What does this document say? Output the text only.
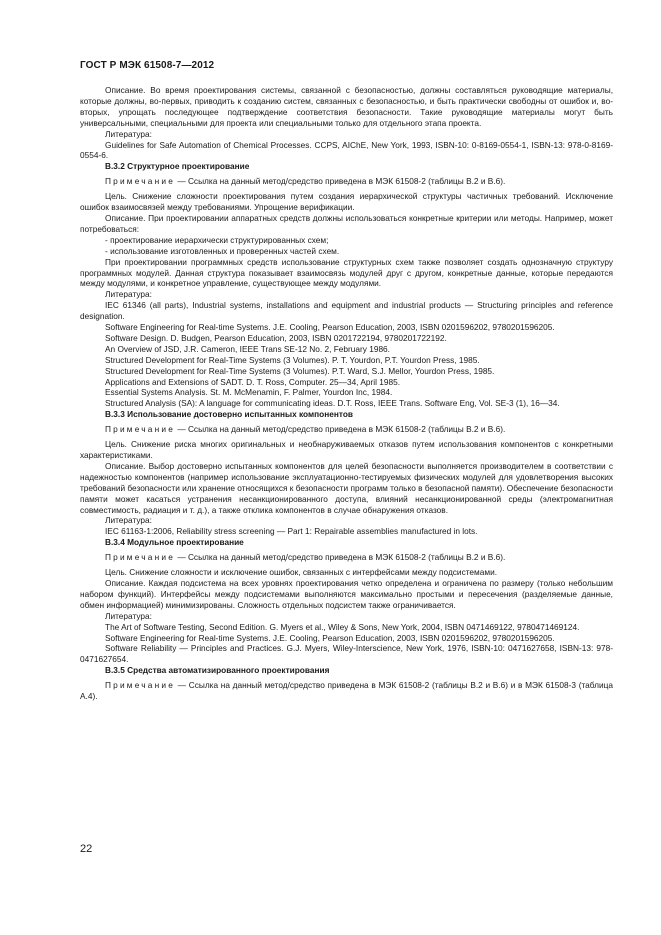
ГОСТ Р МЭК 61508-7—2012

Описание. Во время проектирования системы, связанной с безопасностью, должны составляться руководящие материалы, которые должны, во-первых, приводить к созданию систем, связанных с безопасностью, и быть практически свободны от ошибок и, во-вторых, упрощать последующее подтверждение соответствия безопасности. Такие руководящие материалы могут быть универсальными, специальными для проекта или специальными только для отдельного этапа проекта.

Литература:

Guidelines for Safe Automation of Chemical Processes. CCPS, AIChE, New York, 1993, ISBN-10: 0-8169-0554-1, ISBN-13: 978-0-8169-0554-6.

В.3.2 Структурное проектирование

Примечание — Ссылка на данный метод/средство приведена в МЭК 61508-2 (таблицы В.2 и В.6).

Цель. Снижение сложности проектирования путем создания иерархической структуры частичных требований. Исключение ошибок взаимосвязей между требованиями. Упрощение верификации.

Описание. При проектировании аппаратных средств должны использоваться конкретные критерии или методы. Например, может потребоваться:

- проектирование иерархически структурированных схем;

- использование изготовленных и проверенных частей схем.

При проектировании программных средств использование структурных схем также позволяет создать однозначную структуру программных модулей. Данная структура показывает взаимосвязь модулей друг с другом, конкретные данные, которые передаются между модулями, и конкретное управление, существующее между модулями.

Литература:

IEC 61346 (all parts), Industrial systems, installations and equipment and industrial products — Structuring principles and reference designation.

Software Engineering for Real-time Systems. J.E. Cooling, Pearson Education, 2003, ISBN 0201596202, 9780201596205.

Software Design. D. Budgen, Pearson Education, 2003, ISBN 0201722194, 9780201722192.

An Overview of JSD, J.R. Cameron, IEEE Trans SE-12 No. 2, February 1986.

Structured Development for Real-Time Systems (3 Volumes). P. T. Yourdon, P.T. Yourdon Press, 1985.

Structured Development for Real-Time Systems (3 Volumes). P.T. Ward, S.J. Mellor, Yourdon Press, 1985.

Applications and Extensions of SADT. D. T. Ross, Computer. 25—34, April 1985.

Essential Systems Analysis. St. M. McMenamin, F. Palmer, Yourdon Inc, 1984.

Structured Analysis (SA): A language for communicating ideas. D.T. Ross, IEEE Trans. Software Eng, Vol. SE-3 (1), 16—34.

В.3.3 Использование достоверно испытанных компонентов

Примечание — Ссылка на данный метод/средство приведена в МЭК 61508-2 (таблицы В.2 и В.6).

Цель. Снижение риска многих оригинальных и необнаруживаемых отказов путем использования компонентов с конкретными характеристиками.

Описание. Выбор достоверно испытанных компонентов для целей безопасности выполняется производителем в соответствии с надежностью компонентов (например использование эксплуатационно-тестируемых физических модулей для удовлетворения высоких требований безопасности или хранение относящихся к безопасности программ только в безопасной памяти). Обеспечение безопасности памяти может касаться устранения несанкционированного доступа, влияний несанкционированной среды (электромагнитная совместимость, радиация и т. д.), а также отклика компонентов в случае обнаружения отказов.

Литература:

IEC 61163-1:2006, Reliability stress screening — Part 1: Repairable assemblies manufactured in lots.

В.3.4 Модульное проектирование

Примечание — Ссылка на данный метод/средство приведена в МЭК 61508-2 (таблицы В.2 и В.6).

Цель. Снижение сложности и исключение ошибок, связанных с интерфейсами между подсистемами.

Описание. Каждая подсистема на всех уровнях проектирования четко определена и ограничена по размеру (только небольшим набором функций). Интерфейсы между подсистемами выполняются максимально простыми и пересечения (разделяемые данные, обмен информацией) минимизированы. Сложность отдельных подсистем также ограничивается.

Литература:

The Art of Software Testing, Second Edition. G. Myers et al., Wiley & Sons, New York, 2004, ISBN 0471469122, 9780471469124.

Software Engineering for Real-time Systems. J.E. Cooling, Pearson Education, 2003, ISBN 0201596202, 9780201596205.

Software Reliability — Principles and Practices. G.J. Myers, Wiley-Interscience, New York, 1976, ISBN-10: 0471627658, ISBN-13: 978-0471627654.

В.3.5 Средства автоматизированного проектирования

Примечание — Ссылка на данный метод/средство приведена в МЭК 61508-2 (таблицы В.2 и В.6) и в МЭК 61508-3 (таблица А.4).

22
